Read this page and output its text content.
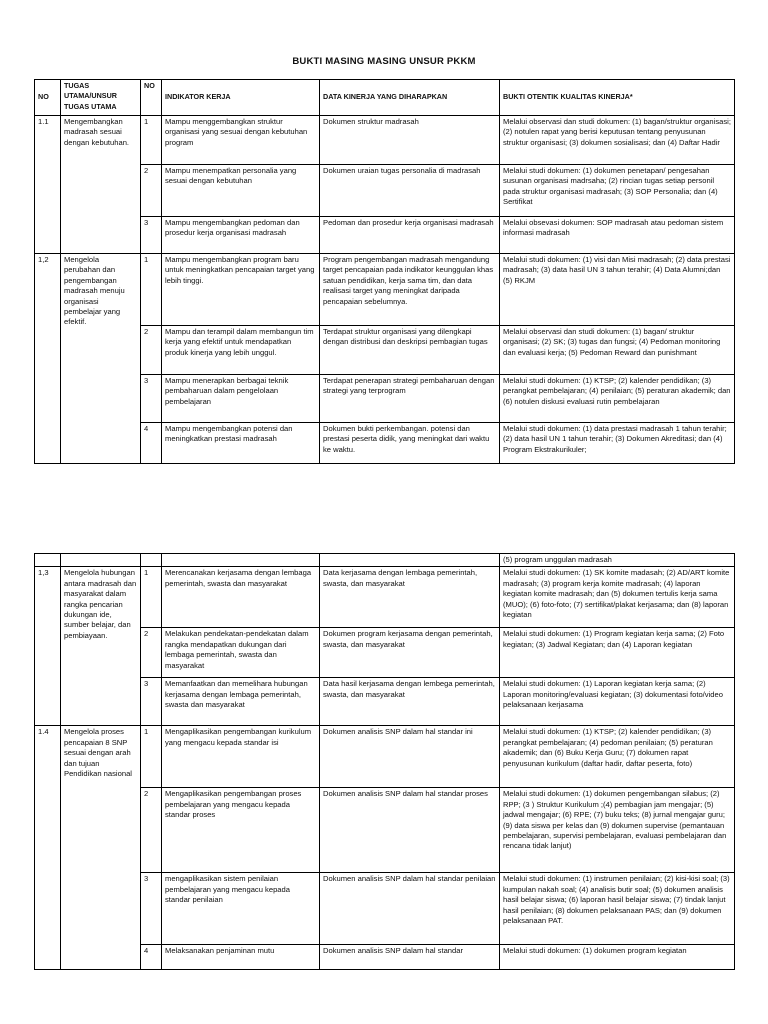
BUKTI MASING MASING UNSUR PKKM
NO	TUGAS UTAMA/UNSUR TUGAS UTAMA	NO	INDIKATOR KERJA	DATA KINERJA YANG DIHARAPKAN	BUKTI OTENTIK KUALITAS KINERJA*
1.1	Mengembangkan madrasah sesuai dengan kebutuhan.	1	Mampu menggembangkan struktur organisasi yang sesuai dengan kebutuhan program	Dokumen struktur madrasah	Melalui observasi dan studi dokumen: (1) bagan/struktur organisasi; (2) notulen rapat yang berisi keputusan tentang penyusunan struktur organisasi; (3) dokumen sosialisasi; dan (4) Daftar Hadir
		2	Mampu menempatkan personalia yang sesuai dengan kebutuhan	Dokumen uraian tugas personalia di madrasah	Melalui studi dokumen: (1) dokumen penetapan/ pengesahan susunan organisasi madrsaha; (2) rincian tugas setiap personil pada struktur organisasi madrasah; (3) SOP Personalia; dan (4) Sertifikat
		3	Mampu mengembangkan pedoman dan prosedur kerja organisasi madrasah	Pedoman dan prosedur kerja organisasi madrasah	Melalui obsevasi dokumen: SOP madrasah atau pedoman sistem informasi madrasah
1,2	Mengelola perubahan dan pengembangan madrasah menuju organisasi pembelajar yang efektif.	1	Mampu mengembangkan program baru untuk meningkatkan pencapaian target yang lebih tinggi.	Program pengembangan madrasah mengandung target pencapaian pada indikator keunggulan khas satuan pendidikan, kerja sama tim, dan data realisasi target yang meningkat daripada pencapaian sebelumnya.	Melalui studi dokumen: (1) visi dan Misi madrasah; (2) data prestasi madrasah; (3) data hasil UN 3 tahun terahir; (4) Data Alumni;dan (5) RKJM
		2	Mampu dan terampil dalam membangun tim kerja yang efektif untuk mendapatkan produk kinerja yang lebih unggul.	Terdapat struktur organisasi yang dilengkapi dengan distribusi dan deskripsi pembagian tugas	Melalui observasi dan studi dokumen: (1) bagan/ struktur organisasi; (2) SK; (3) tugas dan fungsi; (4) Pedoman monitoring dan evaluasi kerja; (5) Pedoman Reward dan punishmant
		3	Mampu menerapkan berbagai teknik pembaharuan dalam pengelolaan pembelajaran	Terdapat penerapan strategi pembaharuan dengan strategi yang terprogram	Melalui studi dokumen: (1) KTSP; (2) kalender pendidikan; (3) perangkat pembelajaran; (4) penilaian; (5) peraturan akademik; dan (6) notulen diskusi evaluasi rutin pembelajaran
		4	Mampu mengembangkan potensi dan meningkatkan prestasi madrasah	Dokumen bukti perkembangan. potensi dan prestasi peserta didik, yang meningkat dari waktu ke waktu.	Melalui studi dokumen: (1) data prestasi madrasah 1 tahun terahir; (2) data hasil UN 1 tahun terahir; (3) Dokumen Akreditasi; dan (4) Program Ekstrakurikuler;
					(5) program unggulan madrasah
1,3	Mengelola hubungan antara madrasah dan masyarakat dalam rangka pencarian dukungan ide, sumber belajar, dan pembiayaan.	1	Merencanakan kerjasama dengan lembaga pemerintah, swasta dan masyarakat	Data kerjasama dengan lembaga pemerintah, swasta, dan masyarakat	Melalui studi dokumen: (1) SK komite madasah; (2) AD/ART komite madrasah; (3) program kerja komite madrasah; (4) laporan kegiatan komite madrasah; dan (5) dokumen tertulis kerja sama (MUO); (6) foto-foto; (7) sertifikat/plakat kerjasama; dan (8) laporan kegiatan
		2	Melakukan pendekatan-pendekatan dalam rangka mendapatkan dukungan dari lembaga pemerintah, swasta dan masyarakat	Dokumen program kerjasama dengan pemerintah, swasta, dan masyarakat	Melalui studi dokumen: (1) Program kegiatan kerja sama; (2) Foto kegiatan; (3) Jadwal Kegiatan; dan (4) Laporan kegiatan
		3	Memanfaatkan dan memelihara hubungan kerjasama dengan lembaga pemerintah, swasta dan masyarakat	Data hasil kerjasama dengan lembega pemerintah, swasta, dan masyarakat	Melalui studi dokumen: (1) Laporan kegiatan kerja sama; (2) Laporan monitoring/evaluasi kegiatan; (3) dokumentasi foto/video pelaksanaan kerjasama
1.4	Mengelola proses pencapaian 8 SNP sesuai dengan arah dan tujuan Pendidikan nasional	1	Mengaplikasikan pengembangan kurikulum yang mengacu kepada standar isi	Dokumen analisis SNP dalam hal standar ini	Melalui studi dokumen: (1) KTSP; (2) kalender pendidikan; (3) perangkat pembelajaran; (4) pedoman penilaian; (5) peraturan akademik; dan (6) Buku Kerja Guru; (7) dokumen rapat penyusunan kurikulum (daftar hadir, daftar peserta, foto)
		2	Mengaplikasikan pengembangan proses pembelajaran yang mengacu kepada standar proses	Dokumen analisis SNP dalam hal standar proses	Melalui studi dokumen: (1) dokumen pengembangan silabus; (2) RPP; (3 ) Struktur Kurikulum ;(4) pembagian jam mengajar; (5) jadwal mengajar; (6) RPE; (7) buku teks; (8) jurnal mengajar guru; (9) data siswa per kelas dan (9) dokumen supervise (pemantauan pembelajaran, supervisi pembelajaran, evaluasi pembelajaran dan rencana tidak lanjut)
		3	mengaplikasikan sistem penilaian pembelajaran yang mengacu kepada standar penilaian	Dokumen analisis SNP dalam hal standar penilaian	Melalui studi dokumen: (1) instrumen penilaian; (2) kisi-kisi soal; (3) kumpulan nakah soal; (4) analisis butir soal; (5) dokumen analisis hasil belajar siswa; (6) laporan hasil belajar siswa; (7) tindak lanjut hasil penilaian; (8) dokumen pelaksanaan PAS; dan (9) dokumen pelaksanaan PAT.
		4	Melaksanakan penjaminan mutu	Dokumen analisis SNP dalam hal standar	Melalui studi dokumen: (1) dokumen program kegiatan
